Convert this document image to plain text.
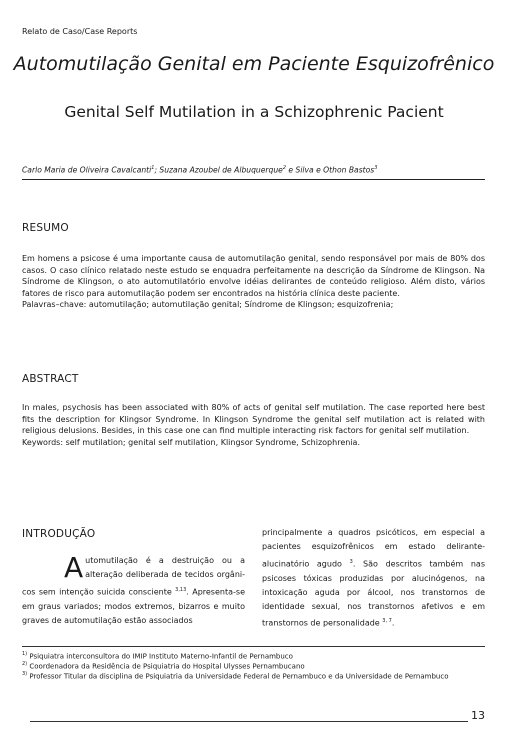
Relato de Caso/Case Reports
Automutilação Genital em Paciente Esquizofrênico
Genital Self Mutilation in a Schizophrenic Pacient
Carlo Maria de Oliveira Cavalcanti$^1$; Suzana Azoubel de Albuquerque$^2$ e Silva e Othon Bastos$^3$
RESUMO
Em homens a psicose é uma importante causa de automutilação genital, sendo responsável por mais de 80% dos casos. O caso clínico relatado neste estudo se enquadra perfeitamente na descrição da Síndrome de Klingson. Na Síndrome de Klingson, o ato automutilatório envolve idéias delirantes de conteúdo religioso. Além disto, vários fatores de risco para automutilação podem ser encontrados na história clínica deste paciente.
Palavras–chave: automutilação; automutilação genital; Síndrome de Klingson; esquizofrenia;
ABSTRACT
In males, psychosis has been associated with 80% of acts of genital self mutilation. The case reported here best fits the description for Klingsor Syndrome. In Klingson Syndrome the genital self mutilation act is related with religious delusions. Besides, in this case one can find multiple interacting risk factors for genital self mutilation.
Keywords: self mutilation; genital self mutilation, Klingsor Syndrome, Schizophrenia.
INTRODUÇÃO
Automutilação é a destruição ou a alteração deliberada de tecidos orgâni-cos sem intenção suicida consciente $^{3,13}$. Apresenta-se em graus variados; modos extremos, bizarros e muito graves de automutilação estão associados
principalmente a quadros psicóticos, em especial a pacientes esquizofrênicos em estado delirante-alucinatório agudo $^3$. São descritos também nas psicoses tóxicas produzidas por alucinógenos, na intoxicação aguda por álcool, nos transtornos de identidade sexual, nos transtornos afetivos e em transtornos de personalidade $^{3, 7}$.
$^{1)}$ Psiquiatra interconsultora do IMIP Instituto Materno-Infantil de Pernambuco
$^{2)}$ Coordenadora da Residência de Psiquiatria do Hospital Ulysses Pernambucano
$^{3)}$ Professor Titular da disciplina de Psiquiatria da Universidade Federal de Pernambuco e da Universidade de Pernambuco
13
